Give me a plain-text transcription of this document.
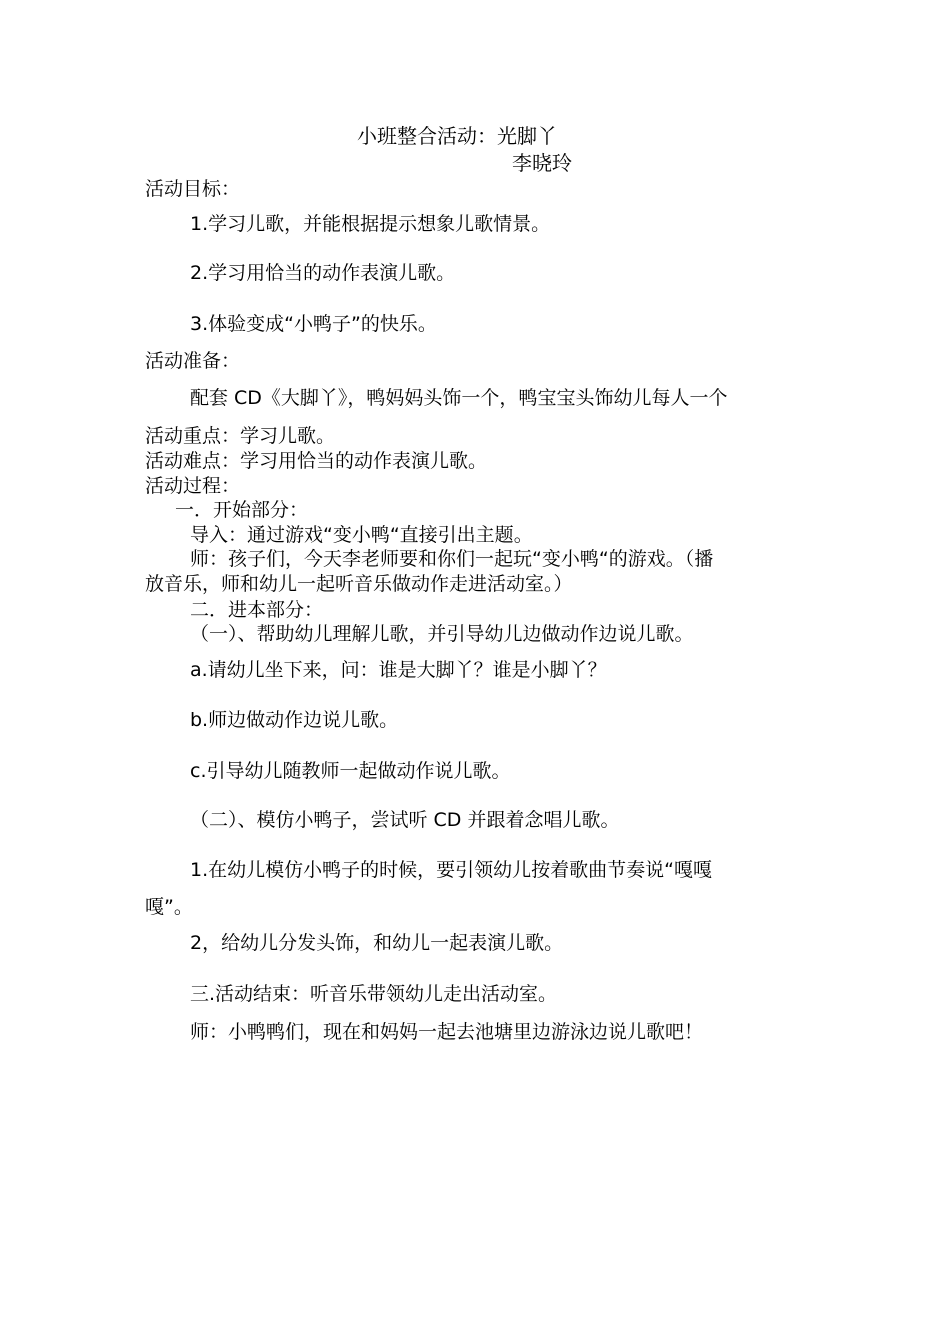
小班整合活动：光脚丫
李晓玲
活动目标：
1.学习儿歌，并能根据提示想象儿歌情景。
2.学习用恰当的动作表演儿歌。
3.体验变成“小鸭子”的快乐。
活动准备：
配套 CD《大脚丫》，鸭妈妈头饰一个，鸭宝宝头饰幼儿每人一个
活动重点：学习儿歌。
活动难点：学习用恰当的动作表演儿歌。
活动过程：
一．开始部分：
导入：通过游戏“变小鸭“直接引出主题。
师：孩子们，今天李老师要和你们一起玩“变小鸭“的游戏。（播
放音乐，师和幼儿一起听音乐做动作走进活动室。）
二．进本部分：
（一）、帮助幼儿理解儿歌，并引导幼儿边做动作边说儿歌。
a.请幼儿坐下来，问：谁是大脚丫？谁是小脚丫？
b.师边做动作边说儿歌。
c.引导幼儿随教师一起做动作说儿歌。
（二）、模仿小鸭子，尝试听 CD 并跟着念唱儿歌。
1.在幼儿模仿小鸭子的时候，要引领幼儿按着歌曲节奏说“嘎嘎
嘎”。
2，给幼儿分发头饰，和幼儿一起表演儿歌。
三.活动结束：听音乐带领幼儿走出活动室。
师：小鸭鸭们，现在和妈妈一起去池塘里边游泳边说儿歌吧！
